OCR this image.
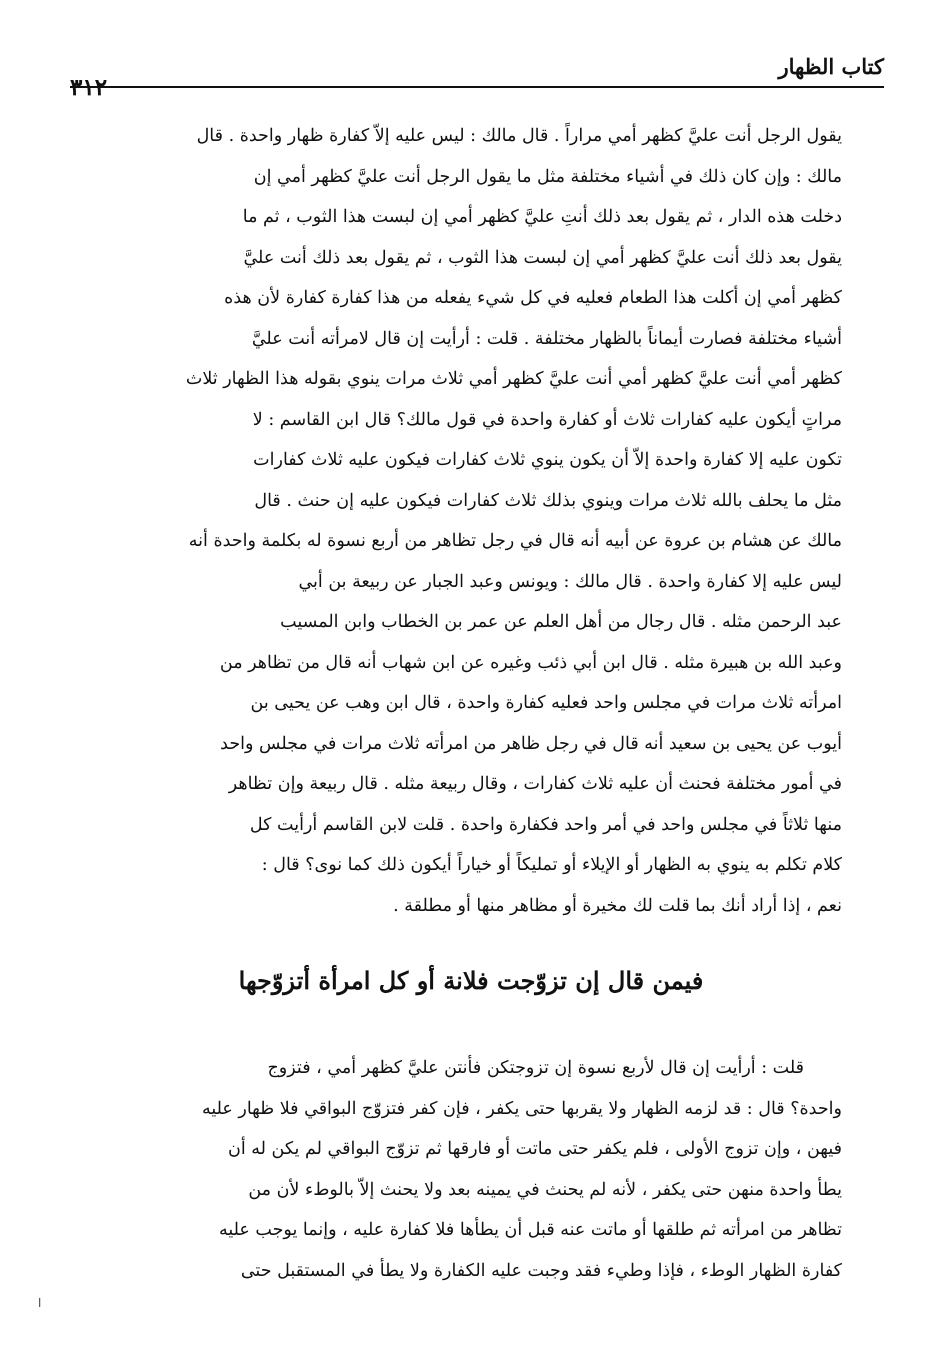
كتاب الظهار
٣١٢
يقول الرجل أنت عليَّ كظهر أمي مراراً . قال مالك : ليس عليه إلاّ كفارة ظهار واحدة . قال
مالك : وإن كان ذلك في أشياء مختلفة مثل ما يقول الرجل أنت عليَّ كظهر أمي إن
دخلت هذه الدار ، ثم يقول بعد ذلك أنتِ عليَّ كظهر أمي إن لبست هذا الثوب ، ثم ما
يقول بعد ذلك أنت عليَّ كظهر أمي إن لبست هذا الثوب ، ثم يقول بعد ذلك أنت عليَّ
كظهر أمي إن أكلت هذا الطعام فعليه في كل شيء يفعله من هذا كفارة كفارة لأن هذه
أشياء مختلفة فصارت أيماناً بالظهار مختلفة . قلت : أرأيت إن قال لامرأته أنت عليَّ
كظهر أمي أنت عليَّ كظهر أمي أنت عليَّ كظهر أمي ثلاث مرات ينوي بقوله هذا الظهار ثلاث
مراتٍ أيكون عليه كفارات ثلاث أو كفارة واحدة في قول مالك؟ قال ابن القاسم : لا
تكون عليه إلا كفارة واحدة إلاّ أن يكون ينوي ثلاث كفارات فيكون عليه ثلاث كفارات
مثل ما يحلف بالله ثلاث مرات وينوي بذلك ثلاث كفارات فيكون عليه إن حنث . قال
مالك عن هشام بن عروة عن أبيه أنه قال في رجل تظاهر من أربع نسوة له بكلمة واحدة أنه
ليس عليه إلا كفارة واحدة . قال مالك : ويونس وعبد الجبار عن ربيعة بن أبي
عبد الرحمن مثله . قال رجال من أهل العلم عن عمر بن الخطاب وابن المسيب
وعبد الله بن هبيرة مثله . قال ابن أبي ذئب وغيره عن ابن شهاب أنه قال من تظاهر من
امرأته ثلاث مرات في مجلس واحد فعليه كفارة واحدة ، قال ابن وهب عن يحيى بن
أيوب عن يحيى بن سعيد أنه قال في رجل ظاهر من امرأته ثلاث مرات في مجلس واحد
في أمور مختلفة فحنث أن عليه ثلاث كفارات ، وقال ربيعة مثله . قال ربيعة وإن تظاهر
منها ثلاثاً في مجلس واحد في أمر واحد فكفارة واحدة . قلت لابن القاسم أرأيت كل
كلام تكلم به ينوي به الظهار أو الإيلاء أو تمليكاً أو خياراً أيكون ذلك كما نوى؟ قال :
نعم ، إذا أراد أنك بما قلت لك مخيرة أو مظاهر منها أو مطلقة .
فيمن قال إن تزوّجت فلانة أو كل امرأة أتزوّجها
قلت : أرأيت إن قال لأربع نسوة إن تزوجتكن فأنتن عليَّ كظهر أمي ، فتزوج
واحدة؟ قال : قد لزمه الظهار ولا يقربها حتى يكفر ، فإن كفر فتزوّج البواقي فلا ظهار عليه
فيهن ، وإن تزوج الأولى ، فلم يكفر حتى ماتت أو فارقها ثم تزوّج البواقي لم يكن له أن
يطأ واحدة منهن حتى يكفر ، لأنه لم يحنث في يمينه بعد ولا يحنث إلاّ بالوطء لأن من
تظاهر من امرأته ثم طلقها أو ماتت عنه قبل أن يطأها فلا كفارة عليه ، وإنما يوجب عليه
كفارة الظهار الوطء ، فإذا وطيء فقد وجبت عليه الكفارة ولا يطأ في المستقبل حتى
ا
